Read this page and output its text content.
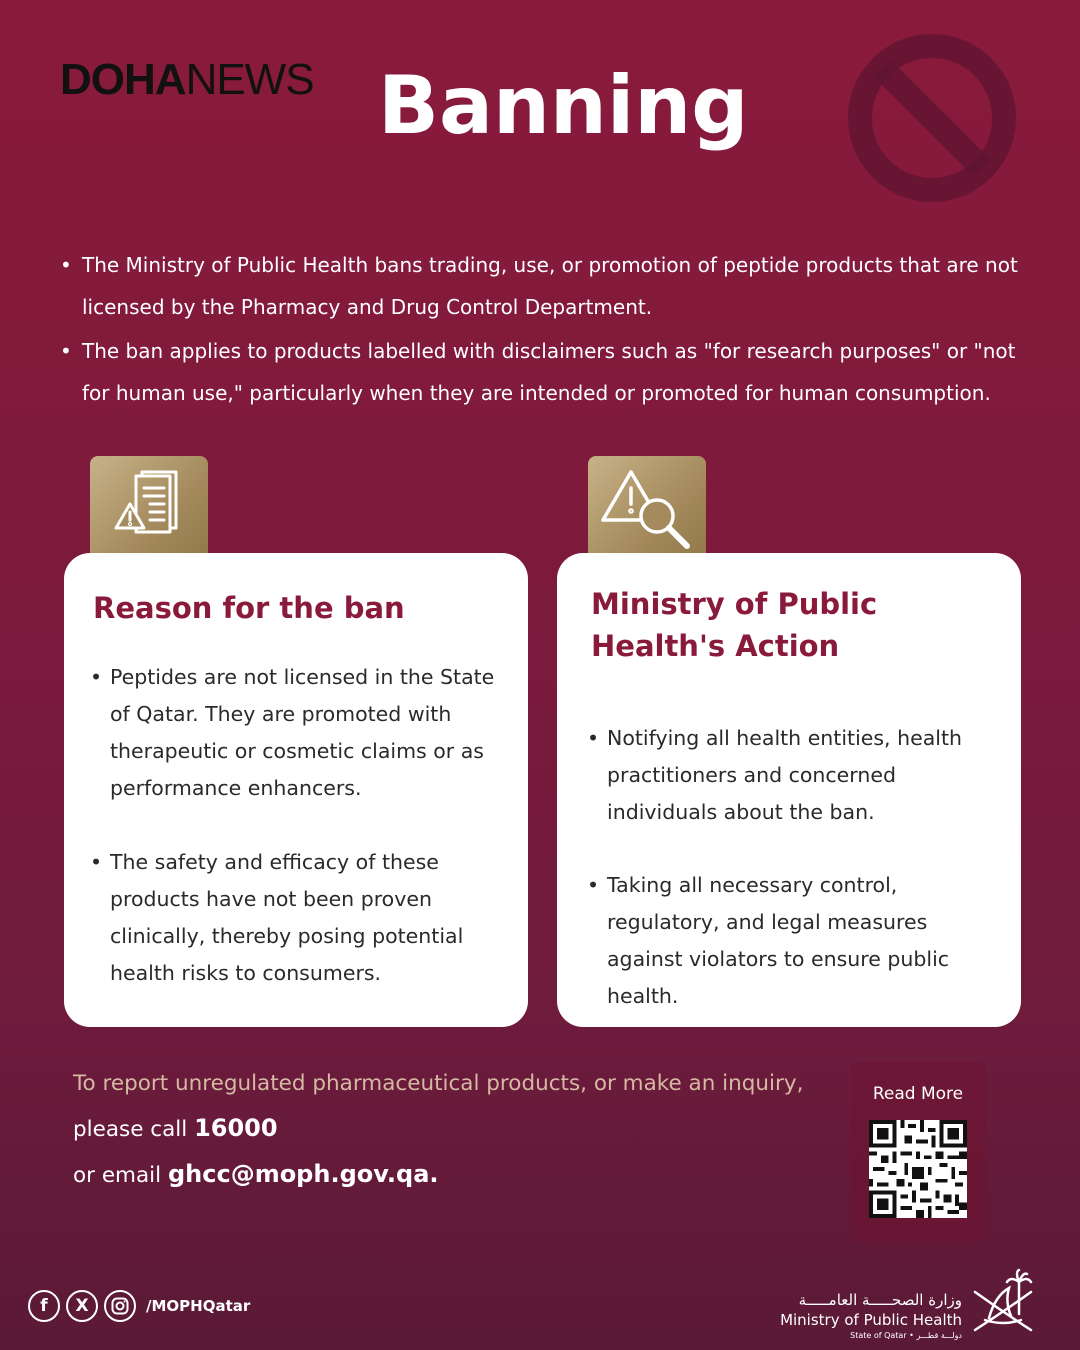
DOHANEWS Banning
• The Ministry of Public Health bans trading, use, or promotion of peptide products that are not licensed by the Pharmacy and Drug Control Department.
• The ban applies to products labelled with disclaimers such as "for research purposes" or "not for human use," particularly when they are intended or promoted for human consumption.
Reason for the ban
• Peptides are not licensed in the State of Qatar. They are promoted with therapeutic or cosmetic claims or as performance enhancers.
• The safety and efficacy of these products have not been proven clinically, thereby posing potential health risks to consumers.
Ministry of Public Health's Action
• Notifying all health entities, health practitioners and concerned individuals about the ban.
• Taking all necessary control, regulatory, and legal measures against violators to ensure public health.
To report unregulated pharmaceutical products, or make an inquiry,
please call 16000
or email ghcc@moph.gov.qa.
Read More
f	X	/MOPHQatar	وزارة الصحـــــة العامـــــة
Ministry of Public Health
State of Qatar • دولـــة قطـــر
